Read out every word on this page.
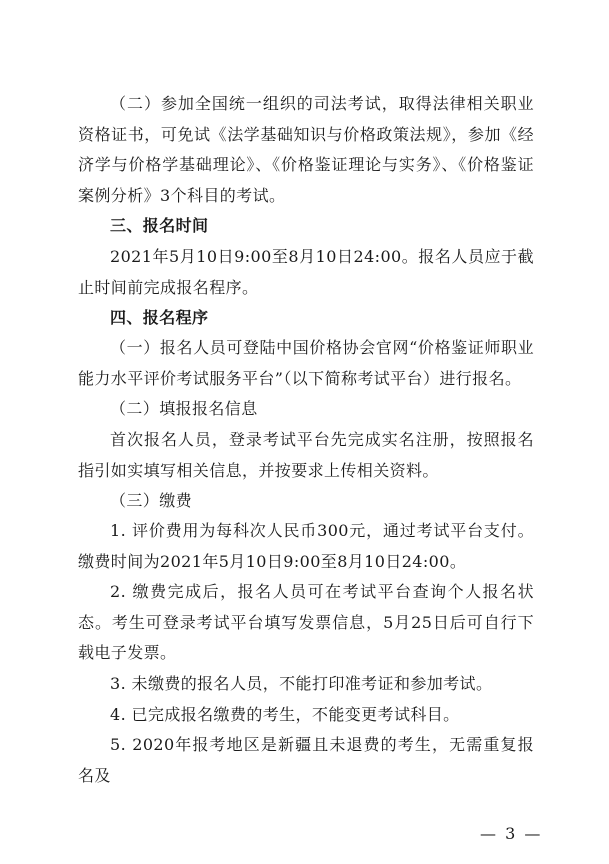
（二）参加全国统一组织的司法考试，取得法律相关职业资格证书，可免试《法学基础知识与价格政策法规》，参加《经济学与价格学基础理论》、《价格鉴证理论与实务》、《价格鉴证案例分析》3个科目的考试。

三、报名时间

2021年5月10日9:00至8月10日24:00。报名人员应于截止时间前完成报名程序。

四、报名程序

（一）报名人员可登陆中国价格协会官网“价格鉴证师职业能力水平评价考试服务平台”（以下简称考试平台）进行报名。

（二）填报报名信息

首次报名人员，登录考试平台先完成实名注册，按照报名指引如实填写相关信息，并按要求上传相关资料。

（三）缴费

1. 评价费用为每科次人民币300元，通过考试平台支付。缴费时间为2021年5月10日9:00至8月10日24:00。

2. 缴费完成后，报名人员可在考试平台查询个人报名状态。考生可登录考试平台填写发票信息，5月25日后可自行下载电子发票。

3. 未缴费的报名人员，不能打印准考证和参加考试。

4. 已完成报名缴费的考生，不能变更考试科目。

5. 2020年报考地区是新疆且未退费的考生，无需重复报名及

— 3 —
